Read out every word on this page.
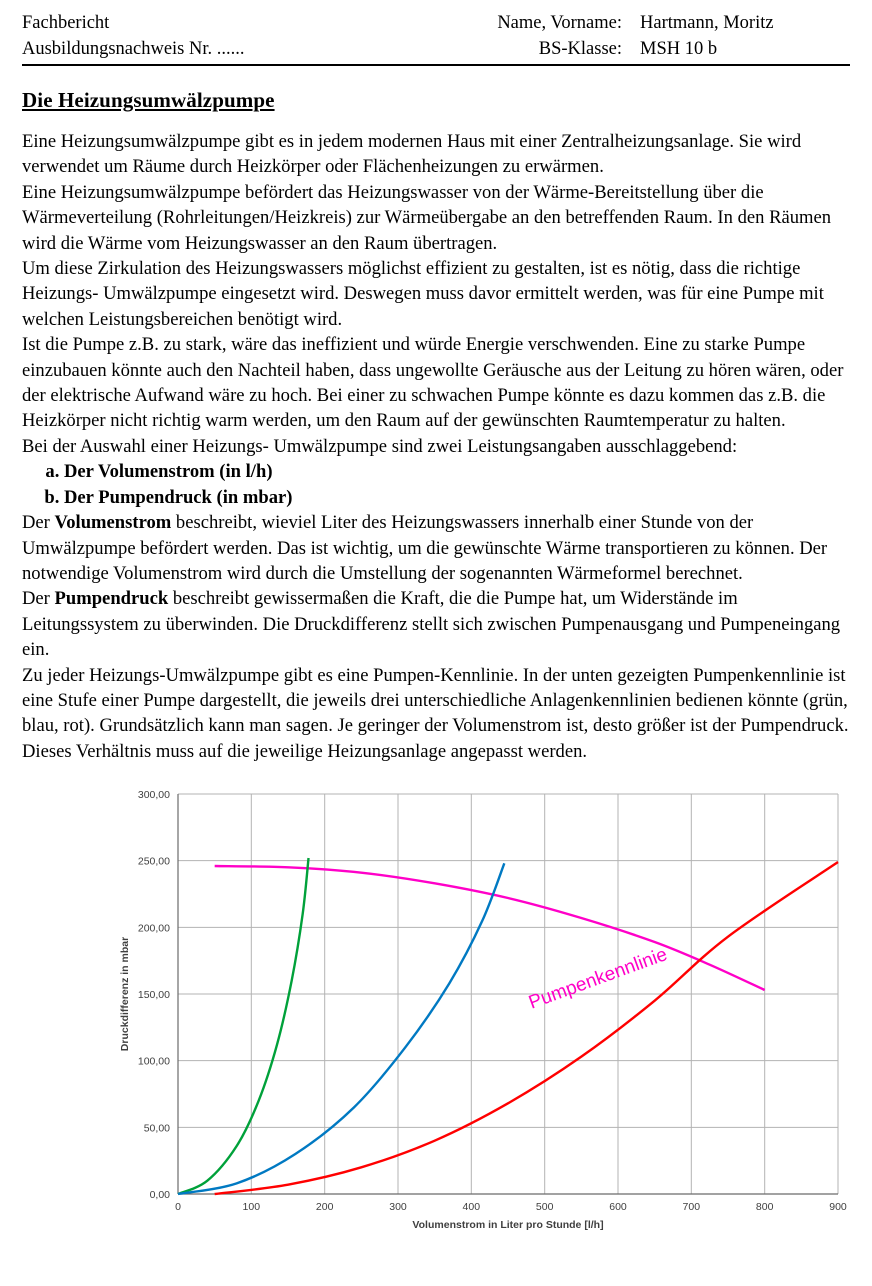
Fachbericht	Name, Vorname: Hartmann, Moritz
Ausbildungsnachweis Nr. ......	BS-Klasse: MSH 10 b
Die Heizungsumwälzpumpe

Eine Heizungsumwälzpumpe gibt es in jedem modernen Haus mit einer Zentralheizungsanlage. Sie wird verwendet um Räume durch Heizkörper oder Flächenheizungen zu erwärmen.

Eine Heizungsumwälzpumpe befördert das Heizungswasser von der Wärme-Bereitstellung über die Wärmeverteilung (Rohrleitungen/Heizkreis) zur Wärmeübergabe an den betreffenden Raum. In den Räumen wird die Wärme vom Heizungswasser an den Raum übertragen.

Um diese Zirkulation des Heizungswassers möglichst effizient zu gestalten, ist es nötig, dass die richtige Heizungs- Umwälzpumpe eingesetzt wird. Deswegen muss davor ermittelt werden, was für eine Pumpe mit welchen Leistungsbereichen benötigt wird.

Ist die Pumpe z.B. zu stark, wäre das ineffizient und würde Energie verschwenden. Eine zu starke Pumpe einzubauen könnte auch den Nachteil haben, dass ungewollte Geräusche aus der Leitung zu hören wären, oder der elektrische Aufwand wäre zu hoch. Bei einer zu schwachen Pumpe könnte es dazu kommen das z.B. die Heizkörper nicht richtig warm werden, um den Raum auf der gewünschten Raumtemperatur zu halten.

Bei der Auswahl einer Heizungs- Umwälzpumpe sind zwei Leistungsangaben ausschlaggebend:

a. Der Volumenstrom (in l/h)
b. Der Pumpendruck (in mbar)

Der Volumenstrom beschreibt, wieviel Liter des Heizungswassers innerhalb einer Stunde von der Umwälzpumpe befördert werden. Das ist wichtig, um die gewünschte Wärme transportieren zu können. Der notwendige Volumenstrom wird durch die Umstellung der sogenannten Wärmeformel berechnet.

Der Pumpendruck beschreibt gewissermaßen die Kraft, die die Pumpe hat, um Widerstände im Leitungssystem zu überwinden. Die Druckdifferenz stellt sich zwischen Pumpenausgang und Pumpeneingang ein.

Zu jeder Heizungs-Umwälzpumpe gibt es eine Pumpen-Kennlinie. In der unten gezeigten Pumpenkennlinie ist eine Stufe einer Pumpe dargestellt, die jeweils drei unterschiedliche Anlagenkennlinien bedienen könnte (grün, blau, rot). Grundsätzlich kann man sagen. Je geringer der Volumenstrom ist, desto größer ist der Pumpendruck. Dieses Verhältnis muss auf die jeweilige Heizungsanlage angepasst werden.

300,00
250,00
200,00
150,00
100,00
50,00
0,00
0	100	200	300	400	500	600	700	800	900
Volumenstrom in Liter pro Stunde [l/h]
Druckdifferenz in mbar	Pumpenkennlinie
